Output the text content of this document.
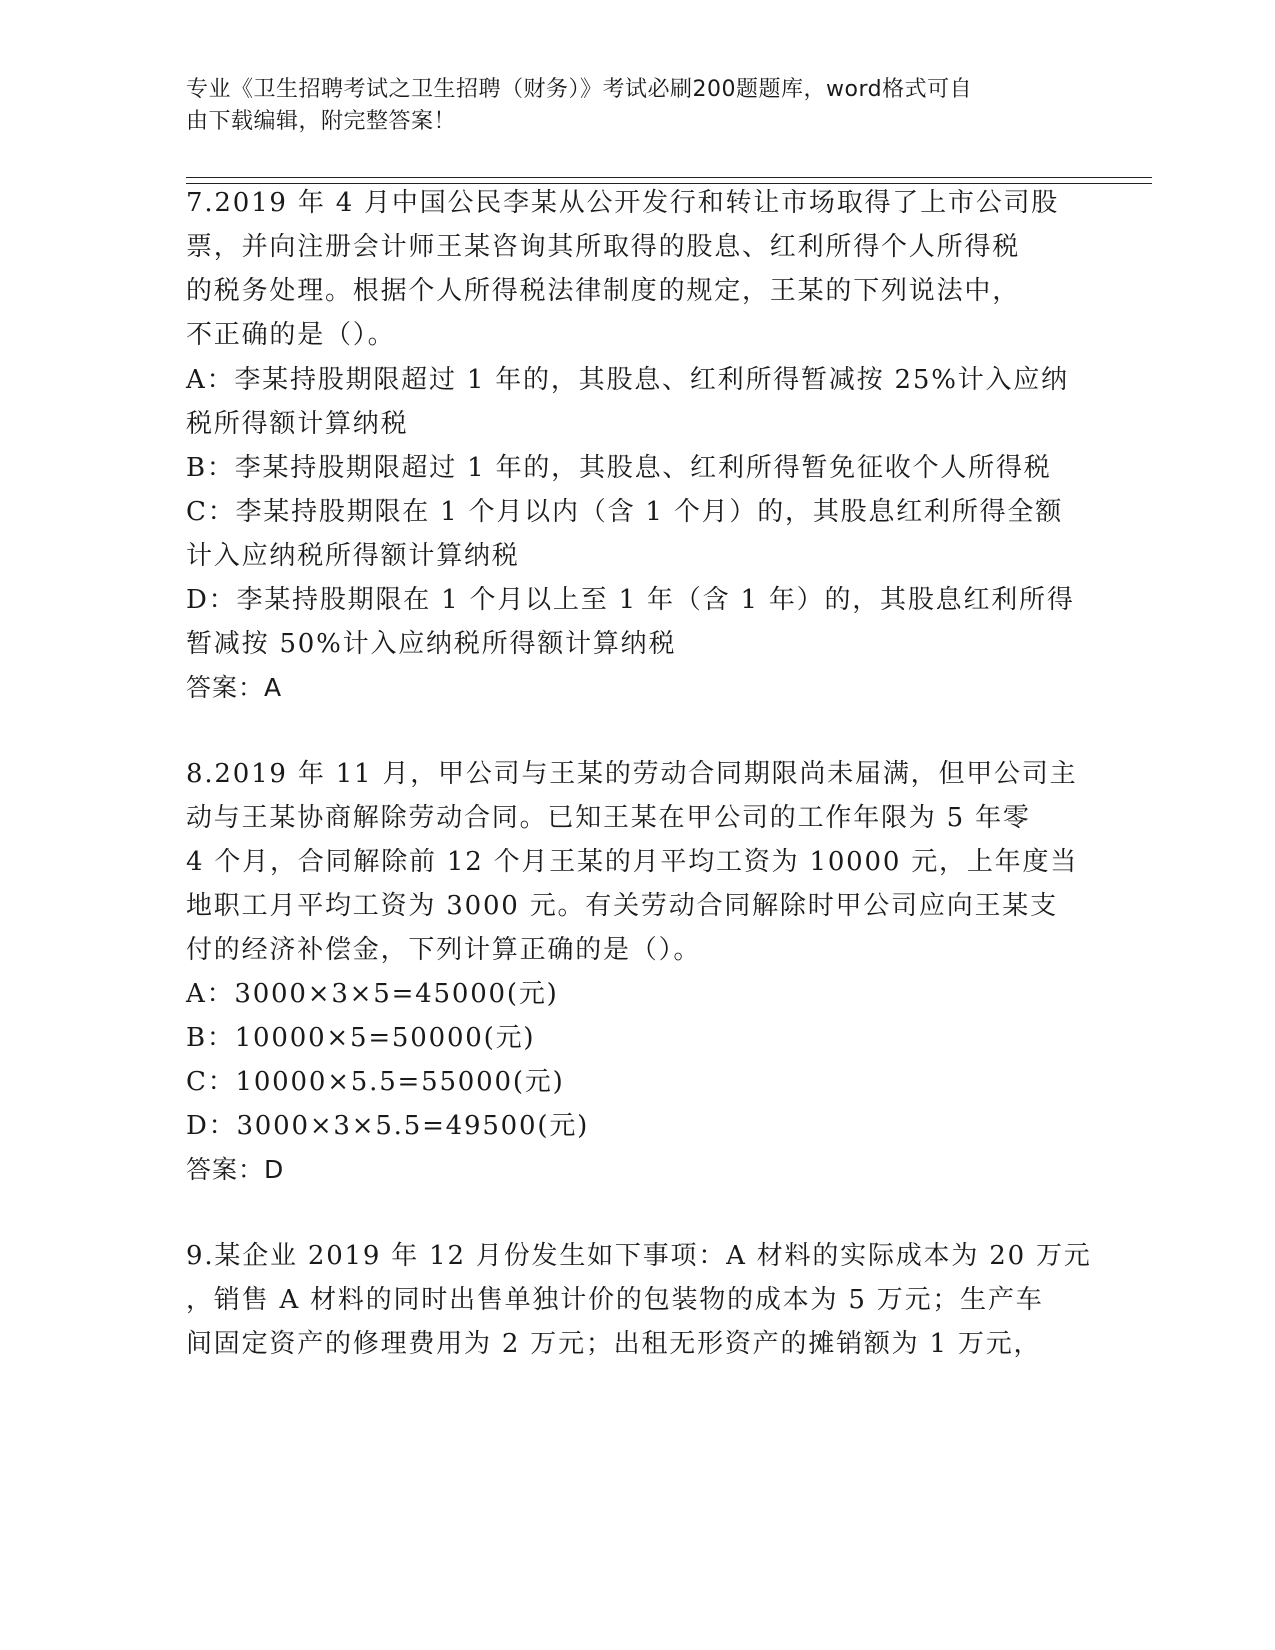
专业《卫生招聘考试之卫生招聘（财务）》考试必刷200题题库，word格式可自
由下载编辑，附完整答案！
7.2019 年 4 月中国公民李某从公开发行和转让市场取得了上市公司股
票，并向注册会计师王某咨询其所取得的股息、红利所得个人所得税
的税务处理。根据个人所得税法律制度的规定，王某的下列说法中，
不正确的是（）。
A：李某持股期限超过 1 年的，其股息、红利所得暂减按 25%计入应纳
税所得额计算纳税
B：李某持股期限超过 1 年的，其股息、红利所得暂免征收个人所得税
C：李某持股期限在 1 个月以内（含 1 个月）的，其股息红利所得全额
计入应纳税所得额计算纳税
D：李某持股期限在 1 个月以上至 1 年（含 1 年）的，其股息红利所得
暂减按 50%计入应纳税所得额计算纳税
答案：A
8.2019 年 11 月，甲公司与王某的劳动合同期限尚未届满，但甲公司主
动与王某协商解除劳动合同。已知王某在甲公司的工作年限为 5 年零
4 个月，合同解除前 12 个月王某的月平均工资为 10000 元，上年度当
地职工月平均工资为 3000 元。有关劳动合同解除时甲公司应向王某支
付的经济补偿金，下列计算正确的是（）。
A：3000×3×5=45000(元)
B：10000×5=50000(元)
C：10000×5.5=55000(元)
D：3000×3×5.5=49500(元)
答案：D
9.某企业 2019 年 12 月份发生如下事项：A 材料的实际成本为 20 万元
，销售 A 材料的同时出售单独计价的包装物的成本为 5 万元；生产车
间固定资产的修理费用为 2 万元；出租无形资产的摊销额为 1 万元，
